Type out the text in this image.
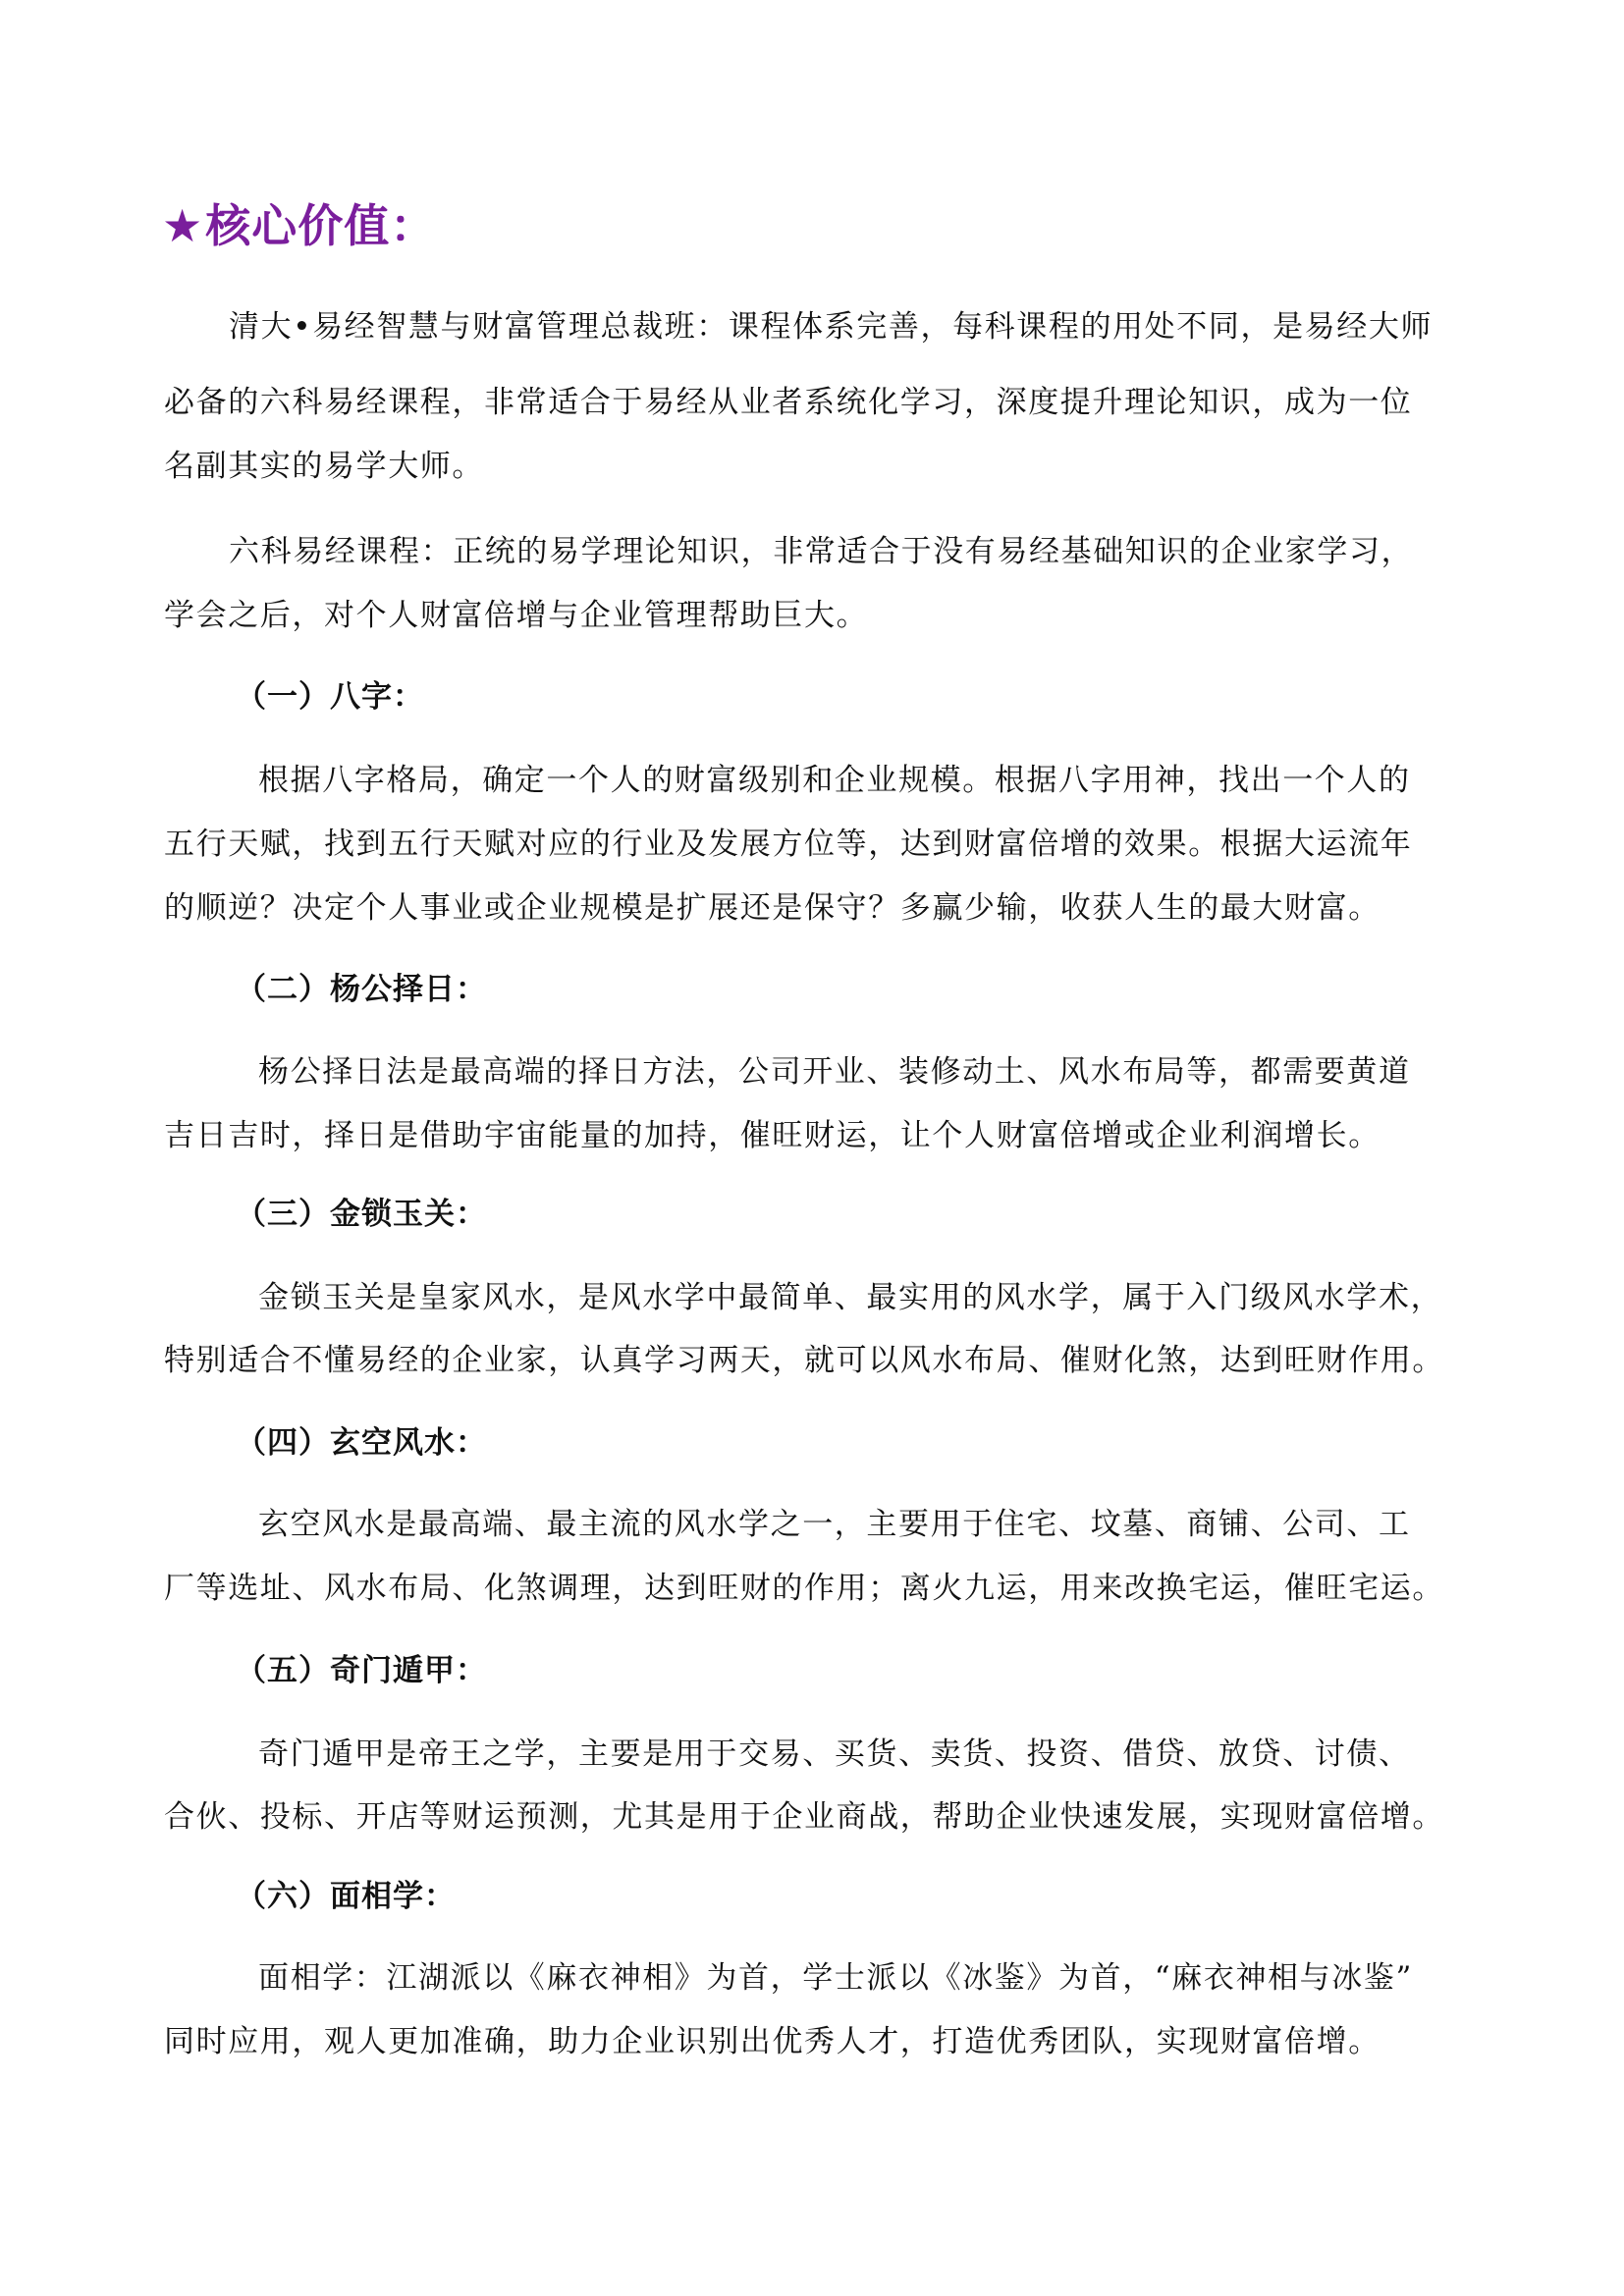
★核心价值：
清大•易经智慧与财富管理总裁班：课程体系完善，每科课程的用处不同，是易经大师
必备的六科易经课程，非常适合于易经从业者系统化学习，深度提升理论知识，成为一位
名副其实的易学大师。
六科易经课程：正统的易学理论知识，非常适合于没有易经基础知识的企业家学习，
学会之后，对个人财富倍增与企业管理帮助巨大。
（一）八字：
根据八字格局，确定一个人的财富级别和企业规模。根据八字用神，找出一个人的
五行天赋，找到五行天赋对应的行业及发展方位等，达到财富倍增的效果。根据大运流年
的顺逆？决定个人事业或企业规模是扩展还是保守？多赢少输，收获人生的最大财富。
（二）杨公择日：
杨公择日法是最高端的择日方法，公司开业、装修动土、风水布局等，都需要黄道
吉日吉时，择日是借助宇宙能量的加持，催旺财运，让个人财富倍增或企业利润增长。
（三）金锁玉关：
金锁玉关是皇家风水，是风水学中最简单、最实用的风水学，属于入门级风水学术，
特别适合不懂易经的企业家，认真学习两天，就可以风水布局、催财化煞，达到旺财作用。
（四）玄空风水：
玄空风水是最高端、最主流的风水学之一，主要用于住宅、坟墓、商铺、公司、工
厂等选址、风水布局、化煞调理，达到旺财的作用；离火九运，用来改换宅运，催旺宅运。
（五）奇门遁甲：
奇门遁甲是帝王之学，主要是用于交易、买货、卖货、投资、借贷、放贷、讨债、
合伙、投标、开店等财运预测，尤其是用于企业商战，帮助企业快速发展，实现财富倍增。
（六）面相学：
面相学：江湖派以《麻衣神相》为首，学士派以《冰鉴》为首，“麻衣神相与冰鉴”
同时应用，观人更加准确，助力企业识别出优秀人才，打造优秀团队，实现财富倍增。
